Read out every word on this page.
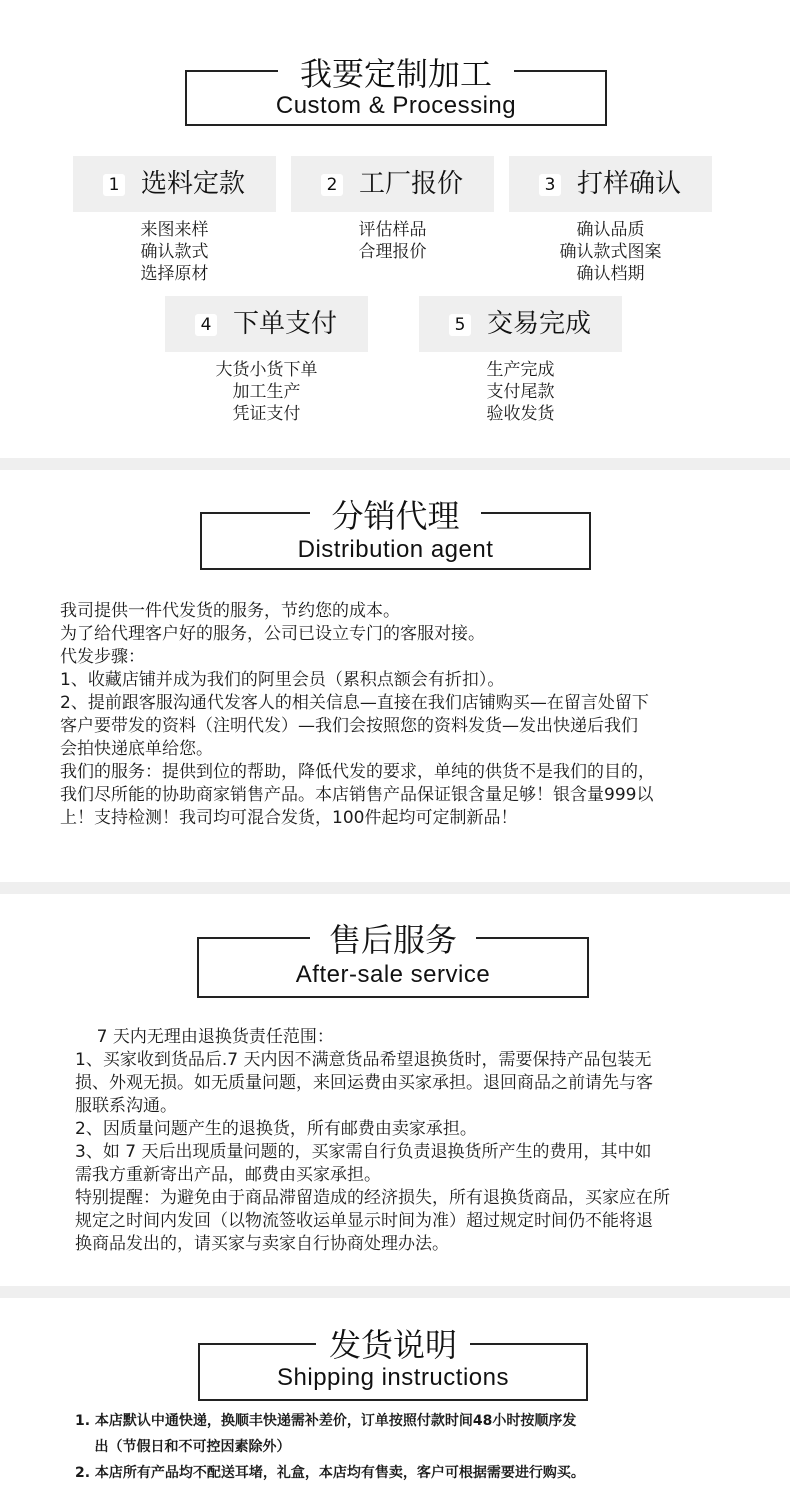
我要定制加工
Custom & Processing
1 选料定款
来图来样
确认款式
选择原材
2 工厂报价
评估样品
合理报价
3 打样确认
确认品质
确认款式图案
确认档期
4 下单支付
大货小货下单
加工生产
凭证支付
5 交易完成
生产完成
支付尾款
验收发货
分销代理
Distribution agent
我司提供一件代发货的服务，节约您的成本。
为了给代理客户好的服务，公司已设立专门的客服对接。
代发步骤：
1、收藏店铺并成为我们的阿里会员（累积点额会有折扣）。
2、提前跟客服沟通代发客人的相关信息—直接在我们店铺购买—在留言处留下
客户要带发的资料（注明代发）—我们会按照您的资料发货—发出快递后我们
会拍快递底单给您。
我们的服务：提供到位的帮助，降低代发的要求，单纯的供货不是我们的目的，
我们尽所能的协助商家销售产品。本店销售产品保证银含量足够！银含量999以
上！支持检测！我司均可混合发货，100件起均可定制新品！
售后服务
After-sale service
7 天内无理由退换货责任范围：
1、买家收到货品后.7 天内因不满意货品希望退换货时，需要保持产品包装无
损、外观无损。如无质量问题，来回运费由买家承担。退回商品之前请先与客
服联系沟通。
2、因质量问题产生的退换货，所有邮费由卖家承担。
3、如 7 天后出现质量问题的，买家需自行负责退换货所产生的费用，其中如
需我方重新寄出产品，邮费由买家承担。
特别提醒：为避免由于商品滞留造成的经济损失，所有退换货商品，买家应在所
规定之时间内发回（以物流签收运单显示时间为准）超过规定时间仍不能将退
换商品发出的，请买家与卖家自行协商处理办法。
发货说明
Shipping instructions
1. 本店默认中通快递，换顺丰快递需补差价，订单按照付款时间48小时按顺序发
出（节假日和不可控因素除外）
2. 本店所有产品均不配送耳堵，礼盒，本店均有售卖，客户可根据需要进行购买。
